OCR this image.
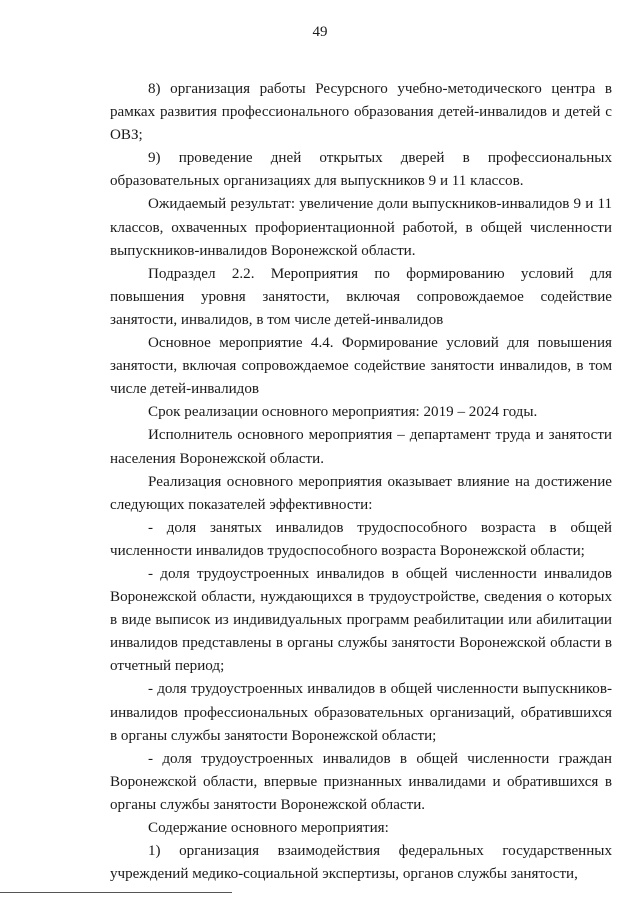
49

8) организация работы Ресурсного учебно-методического центра в рамках развития профессионального образования детей-инвалидов и детей с ОВЗ;

9) проведение дней открытых дверей в профессиональных образовательных организациях для выпускников 9 и 11 классов.

Ожидаемый результат: увеличение доли выпускников-инвалидов 9 и 11 классов, охваченных профориентационной работой, в общей численности выпускников-инвалидов Воронежской области.

Подраздел 2.2. Мероприятия по формированию условий для повышения уровня занятости, включая сопровождаемое содействие занятости, инвалидов, в том числе детей-инвалидов

Основное мероприятие 4.4. Формирование условий для повышения занятости, включая сопровождаемое содействие занятости инвалидов, в том числе детей-инвалидов

Срок реализации основного мероприятия: 2019 – 2024 годы.

Исполнитель основного мероприятия – департамент труда и занятости населения Воронежской области.

Реализация основного мероприятия оказывает влияние на достижение следующих показателей эффективности:

- доля занятых инвалидов трудоспособного возраста в общей численности инвалидов трудоспособного возраста Воронежской области;

- доля трудоустроенных инвалидов в общей численности инвалидов Воронежской области, нуждающихся в трудоустройстве, сведения о которых в виде выписок из индивидуальных программ реабилитации или абилитации инвалидов представлены в органы службы занятости Воронежской области в отчетный период;

- доля трудоустроенных инвалидов в общей численности выпускников-инвалидов профессиональных образовательных организаций, обратившихся в органы службы занятости Воронежской области;

- доля трудоустроенных инвалидов в общей численности граждан Воронежской области, впервые признанных инвалидами и обратившихся в органы службы занятости Воронежской области.

Содержание основного мероприятия:

1) организация взаимодействия федеральных государственных учреждений медико-социальной экспертизы, органов службы занятости,
